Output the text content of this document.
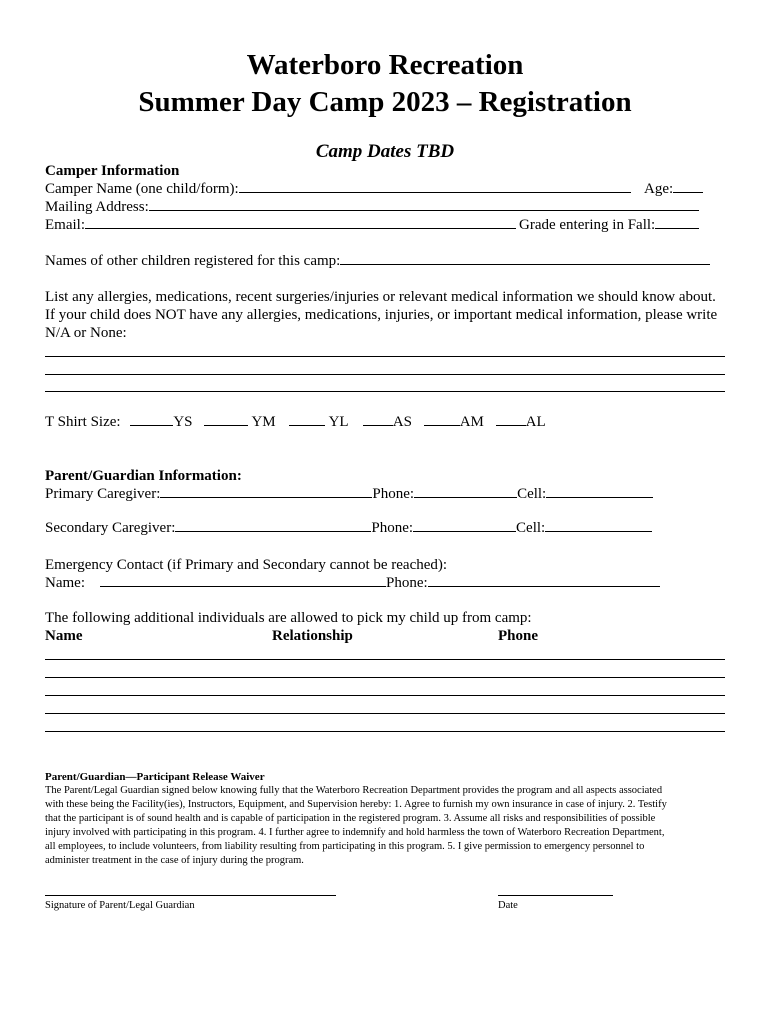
Waterboro Recreation
Summer Day Camp 2023 – Registration
Camp Dates TBD
Camper Information
Camper Name (one child/form):	Age:
Mailing Address:
Email:	Grade entering in Fall:
Names of other children registered for this camp:
List any allergies, medications, recent surgeries/injuries or relevant medical information we should know about.
If your child does NOT have any allergies, medications, injuries, or important medical information, please write
N/A or None:
T Shirt Size:	YS	YM	YL	AS	AM	AL
Parent/Guardian Information:
Primary Caregiver:	Phone:	Cell:
Secondary Caregiver:	Phone:	Cell:
Emergency Contact (if Primary and Secondary cannot be reached):
Name:	Phone:
The following additional individuals are allowed to pick my child up from camp:
Name	Relationship	Phone
Parent/Guardian—Participant Release Waiver
The Parent/Legal Guardian signed below knowing fully that the Waterboro Recreation Department provides the program and all aspects associated
with these being the Facility(ies), Instructors, Equipment, and Supervision hereby: 1. Agree to furnish my own insurance in case of injury. 2. Testify
that the participant is of sound health and is capable of participation in the registered program. 3. Assume all risks and responsibilities of possible
injury involved with participating in this program. 4. I further agree to indemnify and hold harmless the town of Waterboro Recreation Department,
all employees, to include volunteers, from liability resulting from participating in this program. 5. I give permission to emergency personnel to
administer treatment in the case of injury during the program.
Signature of Parent/Legal Guardian	Date
